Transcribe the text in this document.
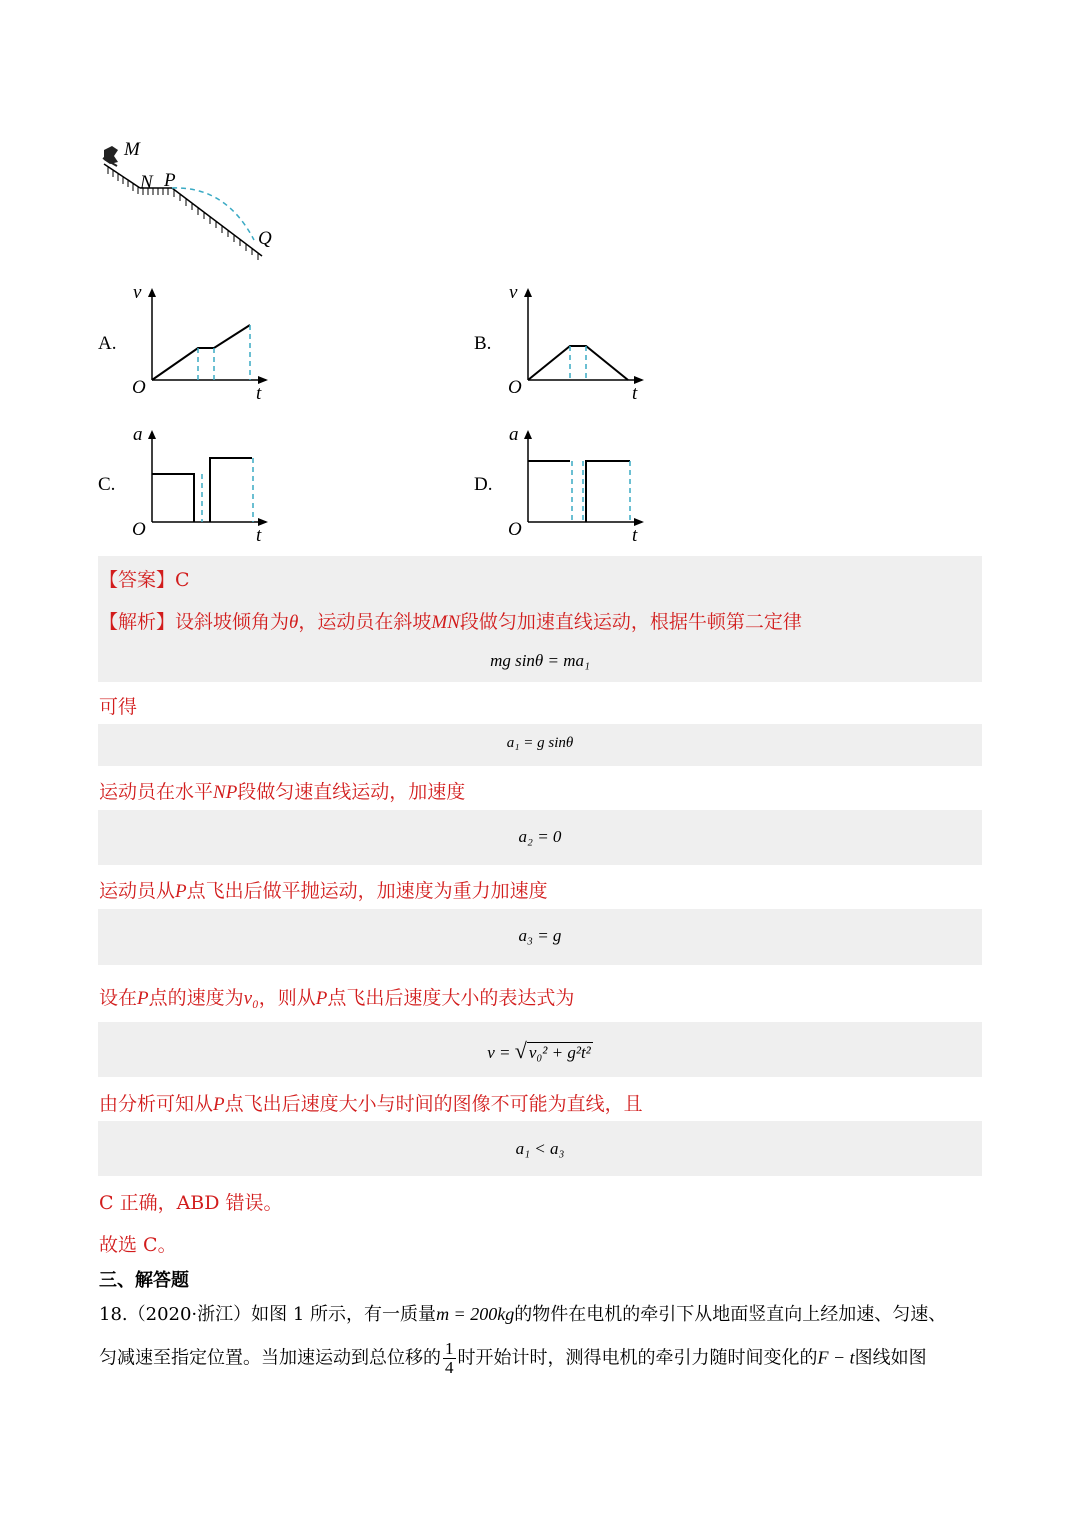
M
N P
Q
A.
v
O	t
B.
v
O	t
C.
a
O	t
D.
a
O	t
【答案】C
【解析】设斜坡倾角为θ，运动员在斜坡MN段做匀加速直线运动，根据牛顿第二定律
mg sinθ = ma₁
可得
a₁ = g sinθ
运动员在水平NP段做匀速直线运动，加速度
a₂ = 0
运动员从P点飞出后做平抛运动，加速度为重力加速度
a₃ = g
设在P点的速度为v₀，则从P点飞出后速度大小的表达式为
v = √ v₀² + g²t²
由分析可知从P点飞出后速度大小与时间的图像不可能为直线，且
a₁ < a₃
C 正确，ABD 错误。
故选 C。
三、解答题
18.（2020·浙江）如图 1 所示，有一质量m = 200kg的物件在电机的牵引下从地面竖直向上经加速、匀速、
匀减速至指定位置。当加速运动到总位移的 $\frac{1}{4}$ 时开始计时，测得电机的牵引力随时间变化的F − t图线如图
